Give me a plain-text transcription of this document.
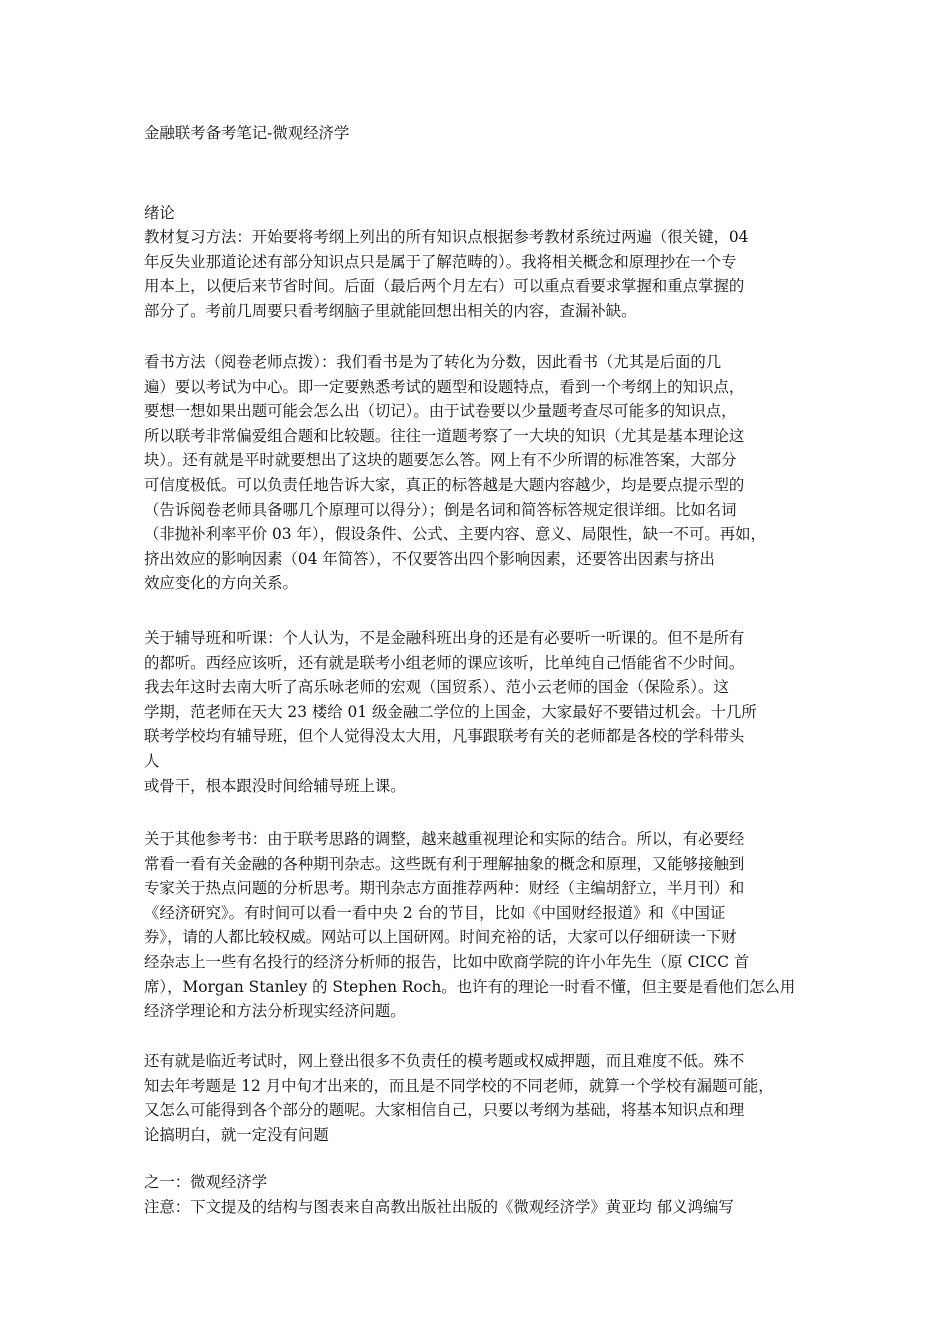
金融联考备考笔记-微观经济学
绪论
教材复习方法：开始要将考纲上列出的所有知识点根据参考教材系统过两遍（很关键，04
年反失业那道论述有部分知识点只是属于了解范畴的）。我将相关概念和原理抄在一个专
用本上，以便后来节省时间。后面（最后两个月左右）可以重点看要求掌握和重点掌握的
部分了。考前几周要只看考纲脑子里就能回想出相关的内容，查漏补缺。
看书方法（阅卷老师点拨）：我们看书是为了转化为分数，因此看书（尤其是后面的几
遍）要以考试为中心。即一定要熟悉考试的题型和设题特点，看到一个考纲上的知识点，
要想一想如果出题可能会怎么出（切记）。由于试卷要以少量题考查尽可能多的知识点，
所以联考非常偏爱组合题和比较题。往往一道题考察了一大块的知识（尤其是基本理论这
块）。还有就是平时就要想出了这块的题要怎么答。网上有不少所谓的标准答案，大部分
可信度极低。可以负责任地告诉大家，真正的标答越是大题内容越少，均是要点提示型的
（告诉阅卷老师具备哪几个原理可以得分）；倒是名词和简答标答规定很详细。比如名词
（非抛补利率平价 03 年），假设条件、公式、主要内容、意义、局限性，缺一不可。再如，
挤出效应的影响因素（04 年简答），不仅要答出四个影响因素，还要答出因素与挤出
效应变化的方向关系。
关于辅导班和听课：个人认为，不是金融科班出身的还是有必要听一听课的。但不是所有
的都听。西经应该听，还有就是联考小组老师的课应该听，比单纯自己悟能省不少时间。
我去年这时去南大听了高乐咏老师的宏观（国贸系）、范小云老师的国金（保险系）。这
学期，范老师在天大 23 楼给 01 级金融二学位的上国金，大家最好不要错过机会。十几所
联考学校均有辅导班，但个人觉得没太大用，凡事跟联考有关的老师都是各校的学科带头
人
或骨干，根本跟没时间给辅导班上课。
关于其他参考书：由于联考思路的调整，越来越重视理论和实际的结合。所以，有必要经
常看一看有关金融的各种期刊杂志。这些既有利于理解抽象的概念和原理，又能够接触到
专家关于热点问题的分析思考。期刊杂志方面推荐两种：财经（主编胡舒立，半月刊）和
《经济研究》。有时间可以看一看中央 2 台的节目，比如《中国财经报道》和《中国证
券》，请的人都比较权威。网站可以上国研网。时间充裕的话，大家可以仔细研读一下财
经杂志上一些有名投行的经济分析师的报告，比如中欧商学院的许小年先生（原 CICC 首
席），Morgan Stanley 的 Stephen Roch。也许有的理论一时看不懂，但主要是看他们怎么用
经济学理论和方法分析现实经济问题。
还有就是临近考试时，网上登出很多不负责任的模考题或权威押题，而且难度不低。殊不
知去年考题是 12 月中旬才出来的，而且是不同学校的不同老师，就算一个学校有漏题可能，
又怎么可能得到各个部分的题呢。大家相信自己，只要以考纲为基础，将基本知识点和理
论搞明白，就一定没有问题
之一：微观经济学
注意：下文提及的结构与图表来自高教出版社出版的《微观经济学》黄亚均 郁义鸿编写
